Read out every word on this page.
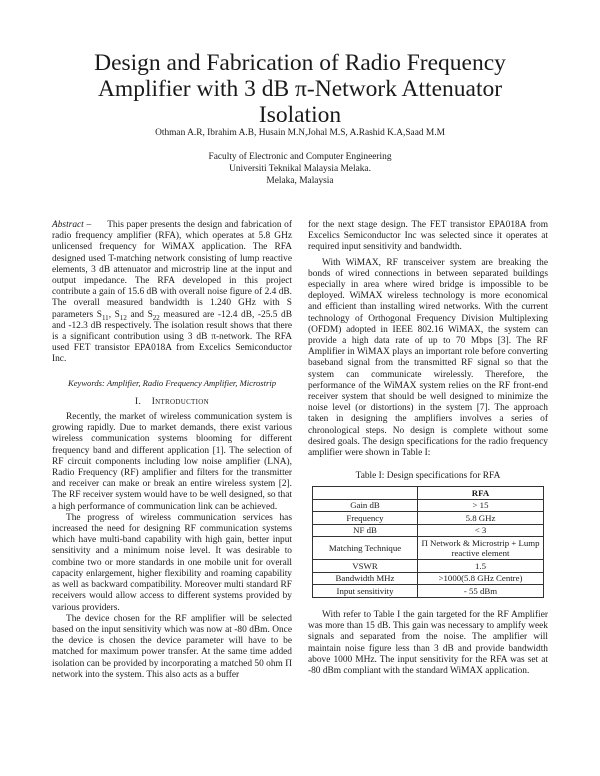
Design and Fabrication of Radio Frequency Amplifier with 3 dB π-Network Attenuator Isolation
Othman A.R, Ibrahim A.B, Husain M.N,Johal M.S, A.Rashid K.A,Saad M.M
Faculty of Electronic and Computer Engineering
Universiti Teknikal Malaysia Melaka.
Melaka, Malaysia

Abstract – This paper presents the design and fabrication of radio frequency amplifier (RFA), which operates at 5.8 GHz unlicensed frequency for WiMAX application. The RFA designed used T-matching network consisting of lump reactive elements, 3 dB attenuator and microstrip line at the input and output impedance. The RFA developed in this project contribute a gain of 15.6 dB with overall noise figure of 2.4 dB. The overall measured bandwidth is 1.240 GHz with S parameters $S_{11}$, $S_{12}$ and $S_{22}$ measured are -12.4 dB, -25.5 dB and -12.3 dB respectively. The isolation result shows that there is a significant contribution using 3 dB π-network. The RFA used FET transistor EPA018A from Excelics Semiconductor Inc.

Keywords: Amplifier, Radio Frequency Amplifier, Microstrip
I. Introduction

Recently, the market of wireless communication system is growing rapidly. Due to market demands, there exist various wireless communication systems blooming for different frequency band and different application [1]. The selection of RF circuit components including low noise amplifier (LNA), Radio Frequency (RF) amplifier and filters for the transmitter and receiver can make or break an entire wireless system [2]. The RF receiver system would have to be well designed, so that a high performance of communication link can be achieved.

The progress of wireless communication services has increased the need for designing RF communication systems which have multi-band capability with high gain, better input sensitivity and a minimum noise level. It was desirable to combine two or more standards in one mobile unit for overall capacity enlargement, higher flexibility and roaming capability as well as backward compatibility. Moreover multi standard RF receivers would allow access to different systems provided by various providers.

The device chosen for the RF amplifier will be selected based on the input sensitivity which was now at -80 dBm. Once the device is chosen the device parameter will have to be matched for maximum power transfer. At the same time added isolation can be provided by incorporating a matched 50 ohm Π network into the system. This also acts as a buffer

for the next stage design. The FET transistor EPA018A from Excelics Semiconductor Inc was selected since it operates at required input sensitivity and bandwidth.

With WiMAX, RF transceiver system are breaking the bonds of wired connections in between separated buildings especially in area where wired bridge is impossible to be deployed. WiMAX wireless technology is more economical and efficient than installing wired networks. With the current technology of Orthogonal Frequency Division Multiplexing (OFDM) adopted in IEEE 802.16 WiMAX, the system can provide a high data rate of up to 70 Mbps [3]. The RF Amplifier in WiMAX plays an important role before converting baseband signal from the transmitted RF signal so that the system can communicate wirelessly. Therefore, the performance of the WiMAX system relies on the RF front-end receiver system that should be well designed to minimize the noise level (or distortions) in the system [7]. The approach taken in designing the amplifiers involves a series of chronological steps. No design is complete without some desired goals. The design specifications for the radio frequency amplifier were shown in Table I:

Table I: Design specifications for RFA
	RFA
Gain dB	> 15
Frequency	5.8 GHz
NF dB	< 3
Matching Technique	Π Network & Microstrip + Lump reactive element
VSWR	1.5
Bandwidth MHz	>1000(5.8 GHz Centre)
Input sensitivity	- 55 dBm

With refer to Table I the gain targeted for the RF Amplifier was more than 15 dB. This gain was necessary to amplify week signals and separated from the noise. The amplifier will maintain noise figure less than 3 dB and provide bandwidth above 1000 MHz. The input sensitivity for the RFA was set at -80 dBm compliant with the standard WiMAX application.
